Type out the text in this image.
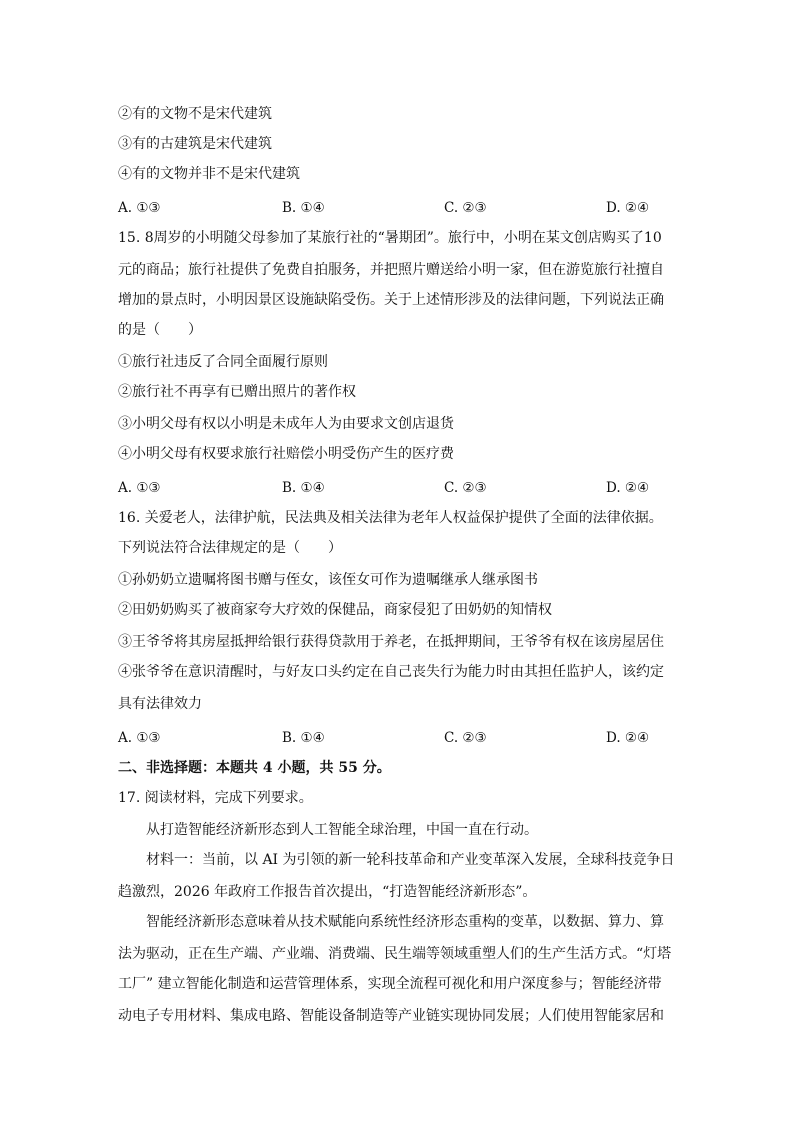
②有的文物不是宋代建筑
③有的古建筑是宋代建筑
④有的文物并非不是宋代建筑
A. ①③	B. ①④	C. ②③	D. ②④
15. 8周岁的小明随父母参加了某旅行社的“暑期团”。旅行中，小明在某文创店购买了10
元的商品；旅行社提供了免费自拍服务，并把照片赠送给小明一家，但在游览旅行社擅自
增加的景点时，小明因景区设施缺陷受伤。关于上述情形涉及的法律问题，下列说法正确
的是（　　）
①旅行社违反了合同全面履行原则
②旅行社不再享有已赠出照片的著作权
③小明父母有权以小明是未成年人为由要求文创店退货
④小明父母有权要求旅行社赔偿小明受伤产生的医疗费
A. ①③	B. ①④	C. ②③	D. ②④
16. 关爱老人，法律护航，民法典及相关法律为老年人权益保护提供了全面的法律依据。
下列说法符合法律规定的是（　　）
①孙奶奶立遗嘱将图书赠与侄女，该侄女可作为遗嘱继承人继承图书
②田奶奶购买了被商家夸大疗效的保健品，商家侵犯了田奶奶的知情权
③王爷爷将其房屋抵押给银行获得贷款用于养老，在抵押期间，王爷爷有权在该房屋居住
④张爷爷在意识清醒时，与好友口头约定在自己丧失行为能力时由其担任监护人，该约定
具有法律效力
A. ①③	B. ①④	C. ②③	D. ②④
二、非选择题：本题共 4 小题，共 55 分。
17. 阅读材料，完成下列要求。
从打造智能经济新形态到人工智能全球治理，中国一直在行动。
材料一：当前，以 AI 为引领的新一轮科技革命和产业变革深入发展，全球科技竞争日
趋激烈，2026 年政府工作报告首次提出，“打造智能经济新形态”。
智能经济新形态意味着从技术赋能向系统性经济形态重构的变革，以数据、算力、算
法为驱动，正在生产端、产业端、消费端、民生端等领域重塑人们的生产生活方式。“灯塔
工厂” 建立智能化制造和运营管理体系，实现全流程可视化和用户深度参与；智能经济带
动电子专用材料、集成电路、智能设备制造等产业链实现协同发展；人们使用智能家居和
